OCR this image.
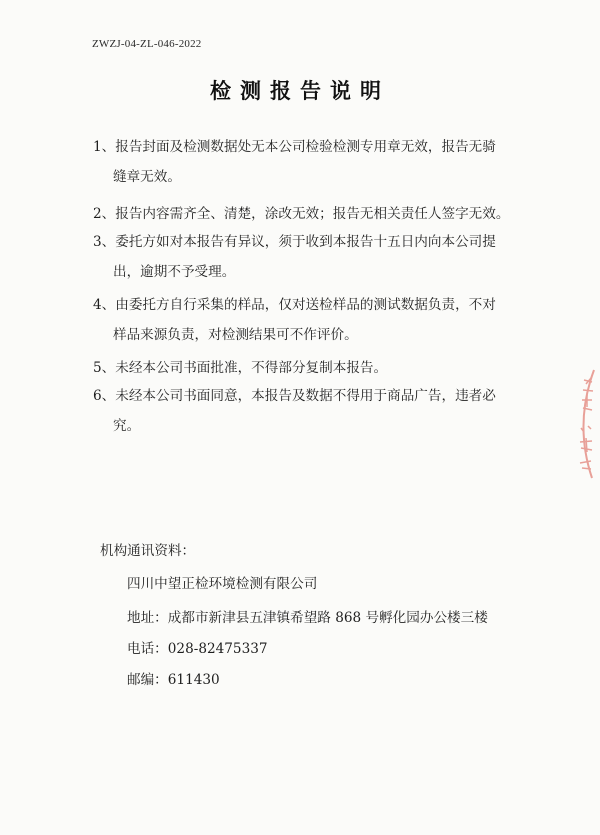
ZWZJ-04-ZL-046-2022
检测报告说明
1、报告封面及检测数据处无本公司检验检测专用章无效，报告无骑
缝章无效。
2、报告内容需齐全、清楚，涂改无效；报告无相关责任人签字无效。
3、委托方如对本报告有异议，须于收到本报告十五日内向本公司提
出，逾期不予受理。
4、由委托方自行采集的样品，仅对送检样品的测试数据负责，不对
样品来源负责，对检测结果可不作评价。
5、未经本公司书面批准，不得部分复制本报告。
6、未经本公司书面同意，本报告及数据不得用于商品广告，违者必
究。
机构通讯资料：
四川中望正检环境检测有限公司
地址：成都市新津县五津镇希望路 868 号孵化园办公楼三楼
电话：028-82475337
邮编：611430
